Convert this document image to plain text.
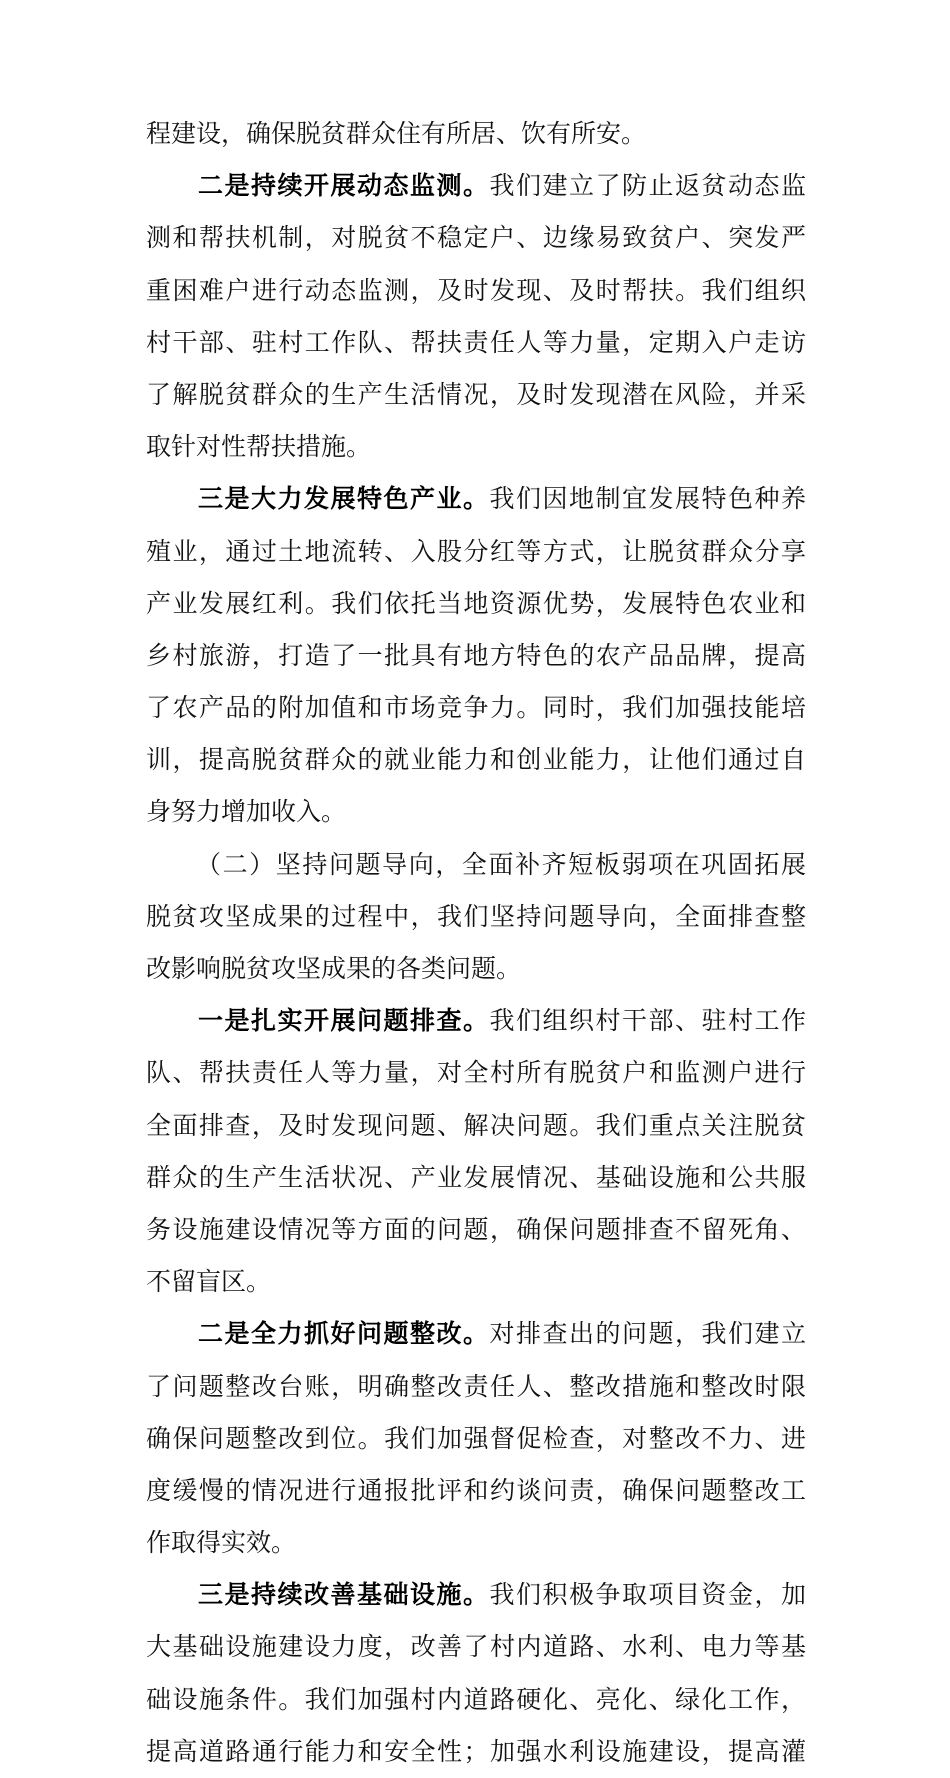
程建设，确保脱贫群众住有所居、饮有所安。
二是持续开展动态监测。我们建立了防止返贫动态监
测和帮扶机制，对脱贫不稳定户、边缘易致贫户、突发严
重困难户进行动态监测，及时发现、及时帮扶。我们组织
村干部、驻村工作队、帮扶责任人等力量，定期入户走访
了解脱贫群众的生产生活情况，及时发现潜在风险，并采
取针对性帮扶措施。
三是大力发展特色产业。我们因地制宜发展特色种养
殖业，通过土地流转、入股分红等方式，让脱贫群众分享
产业发展红利。我们依托当地资源优势，发展特色农业和
乡村旅游，打造了一批具有地方特色的农产品品牌，提高
了农产品的附加值和市场竞争力。同时，我们加强技能培
训，提高脱贫群众的就业能力和创业能力，让他们通过自
身努力增加收入。
（二）坚持问题导向，全面补齐短板弱项在巩固拓展
脱贫攻坚成果的过程中，我们坚持问题导向，全面排查整
改影响脱贫攻坚成果的各类问题。
一是扎实开展问题排查。我们组织村干部、驻村工作
队、帮扶责任人等力量，对全村所有脱贫户和监测户进行
全面排查，及时发现问题、解决问题。我们重点关注脱贫
群众的生产生活状况、产业发展情况、基础设施和公共服
务设施建设情况等方面的问题，确保问题排查不留死角、
不留盲区。
二是全力抓好问题整改。对排查出的问题，我们建立
了问题整改台账，明确整改责任人、整改措施和整改时限
确保问题整改到位。我们加强督促检查，对整改不力、进
度缓慢的情况进行通报批评和约谈问责，确保问题整改工
作取得实效。
三是持续改善基础设施。我们积极争取项目资金，加
大基础设施建设力度，改善了村内道路、水利、电力等基
础设施条件。我们加强村内道路硬化、亮化、绿化工作，
提高道路通行能力和安全性；加强水利设施建设，提高灌
